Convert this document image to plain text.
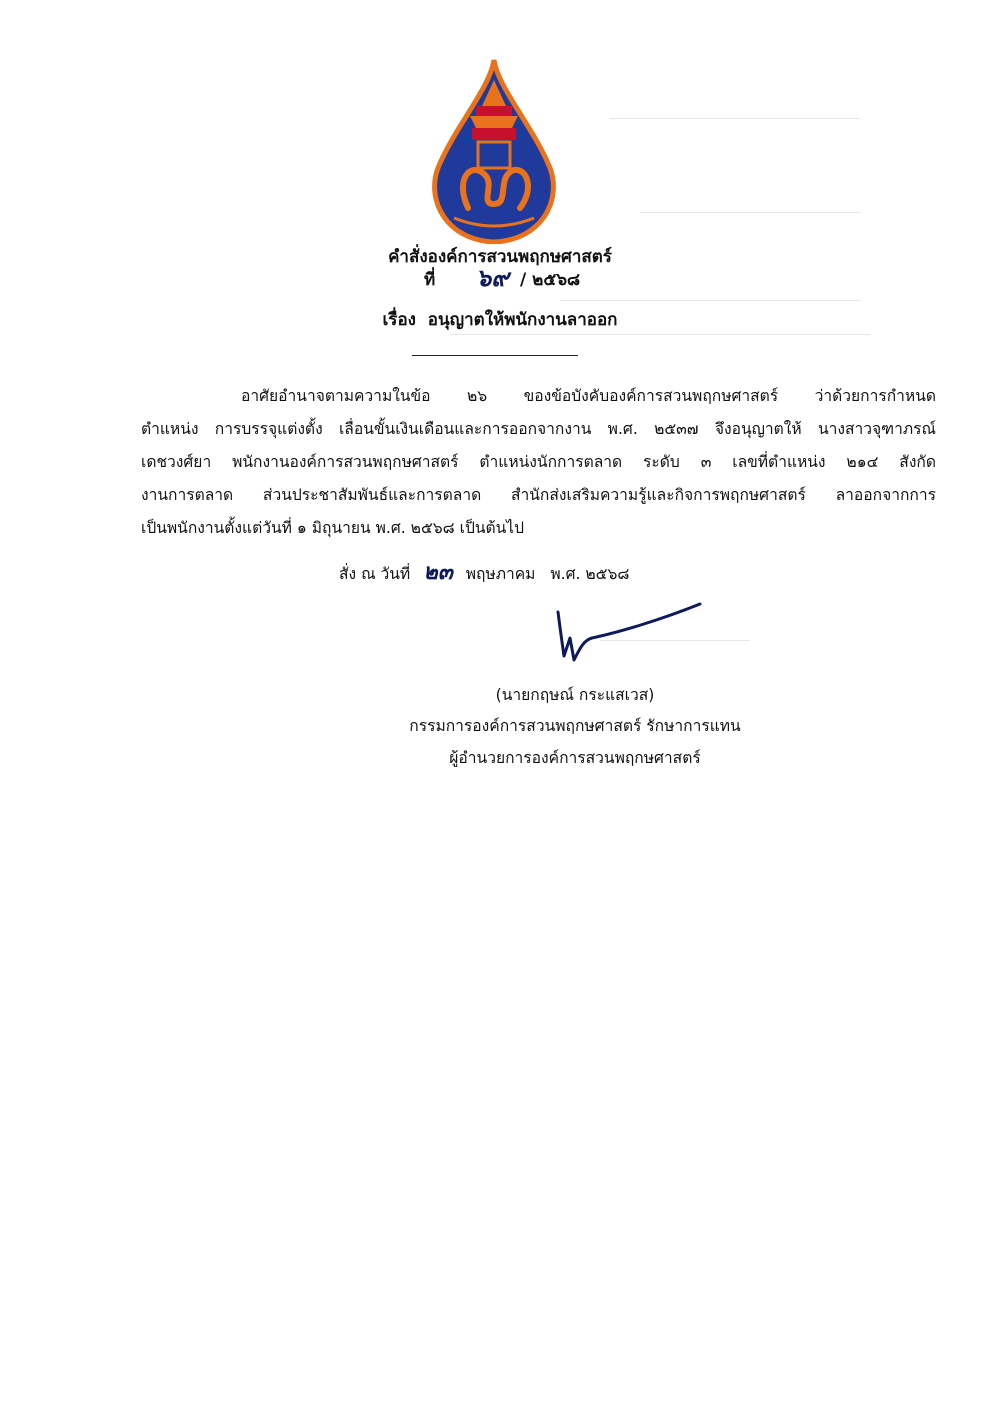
คำสั่งองค์การสวนพฤกษศาสตร์
ที่ ๖๙ / ๒๕๖๘
เรื่อง อนุญาตให้พนักงานลาออก
อาศัยอำนาจตามความในข้อ ๒๖ ของข้อบังคับองค์การสวนพฤกษศาสตร์ ว่าด้วยการกำหนด
ตำแหน่ง การบรรจุแต่งตั้ง เลื่อนขั้นเงินเดือนและการออกจากงาน พ.ศ. ๒๕๓๗ จึงอนุญาตให้ นางสาวจุฑาภรณ์
เดชวงศ์ยา พนักงานองค์การสวนพฤกษศาสตร์ ตำแหน่งนักการตลาด ระดับ ๓ เลขที่ตำแหน่ง ๒๑๔ สังกัด
งานการตลาด ส่วนประชาสัมพันธ์และการตลาด สำนักส่งเสริมความรู้และกิจการพฤกษศาสตร์ ลาออกจากการ
เป็นพนักงานตั้งแต่วันที่ ๑ มิถุนายน พ.ศ. ๒๕๖๘ เป็นต้นไป
สั่ง ณ วันที่ ๒๓ พฤษภาคม พ.ศ. ๒๕๖๘
(นายกฤษณ์ กระแสเวส)
กรรมการองค์การสวนพฤกษศาสตร์ รักษาการแทน
ผู้อำนวยการองค์การสวนพฤกษศาสตร์
